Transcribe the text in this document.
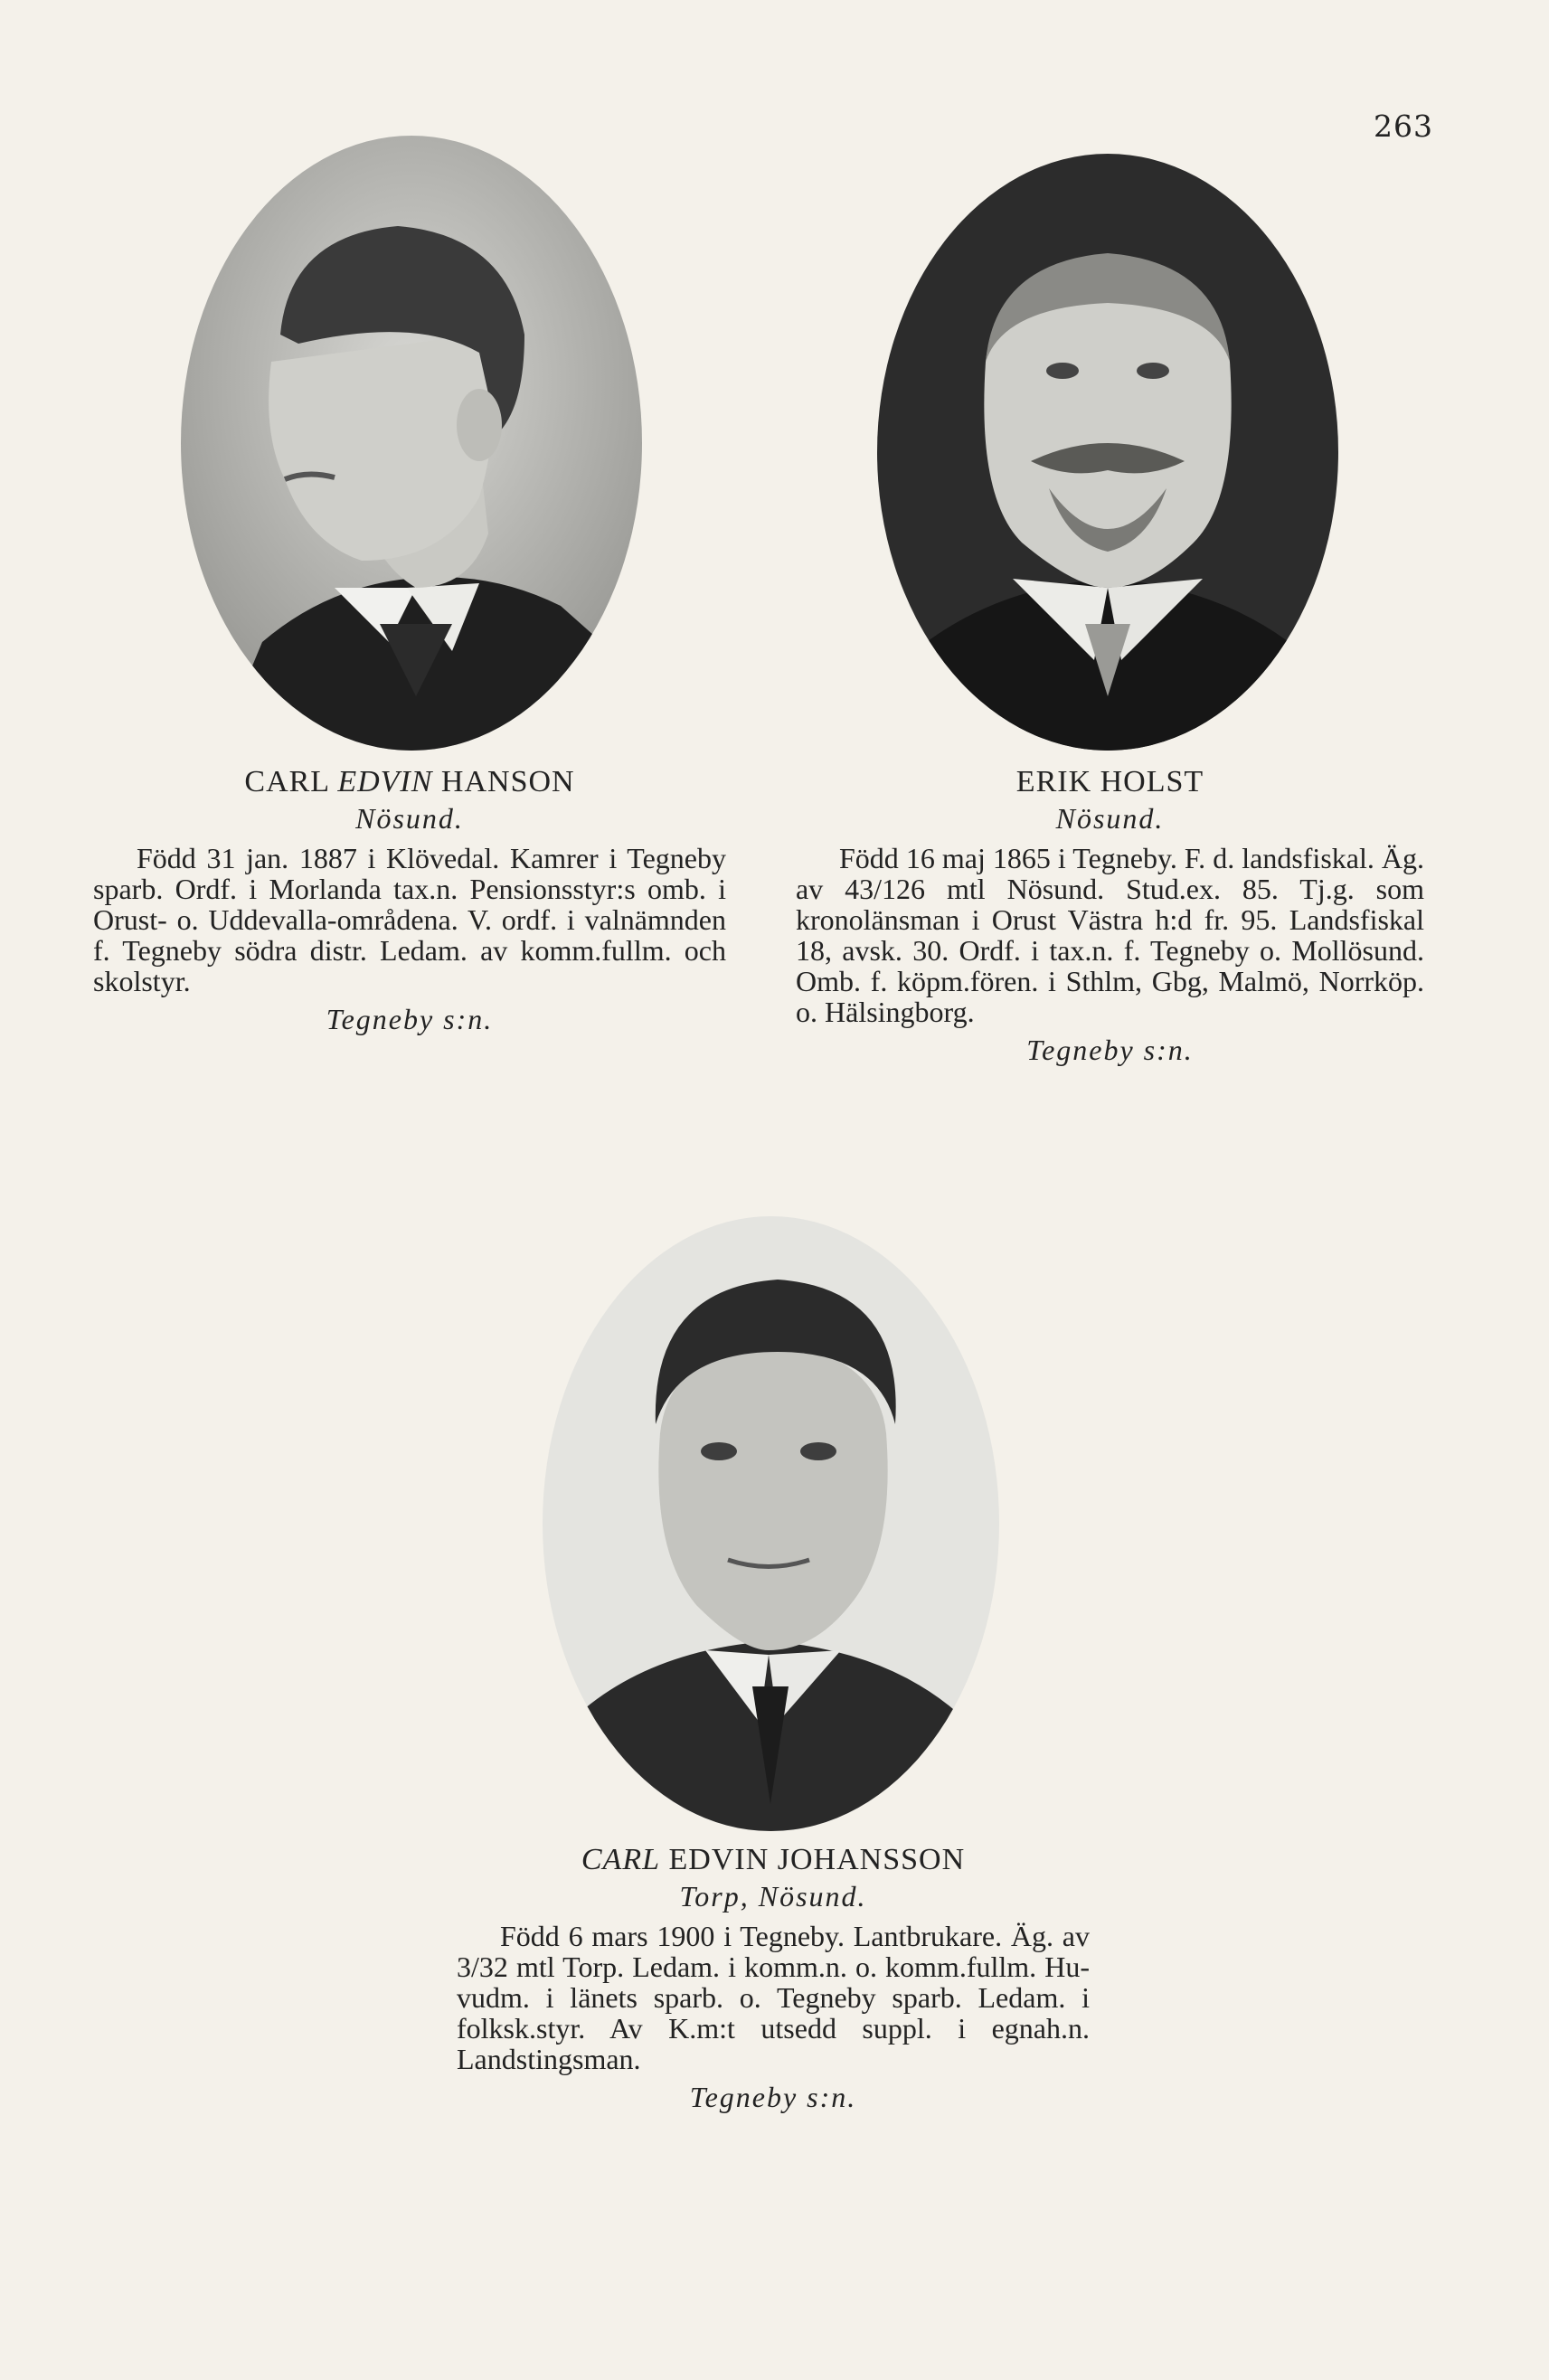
263
CARL EDVIN HANSON
Nösund.
Född 31 jan. 1887 i Klövedal. Kamrer i Tegneby sparb. Ordf. i Morlanda tax.n. Pensionsstyr:s omb. i Orust- o. Uddevalla-områdena. V. ordf. i valnämnden f. Tegneby södra distr. Ledam. av komm.fullm. och skolstyr.
Tegneby s:n.
ERIK HOLST
Nösund.
Född 16 maj 1865 i Tegneby. F. d. landsfiskal. Äg. av 43/126 mtl Nösund. Stud.ex. 85. Tj.g. som kronolänsman i Orust Västra h:d fr. 95. Landsfiskal 18, avsk. 30. Ordf. i tax.n. f. Tegneby o. Mollösund. Omb. f. köpm.fören. i Sthlm, Gbg, Malmö, Norrköp. o. Hälsingborg.
Tegneby s:n.
CARL EDVIN JOHANSSON
Torp, Nösund.
Född 6 mars 1900 i Tegneby. Lantbrukare. Äg. av 3/32 mtl Torp. Ledam. i komm.n. o. komm.fullm. Huvudm. i länets sparb. o. Tegneby sparb. Ledam. i folksk.styr. Av K.m:t utsedd suppl. i egnah.n. Landstingsman.
Tegneby s:n.
